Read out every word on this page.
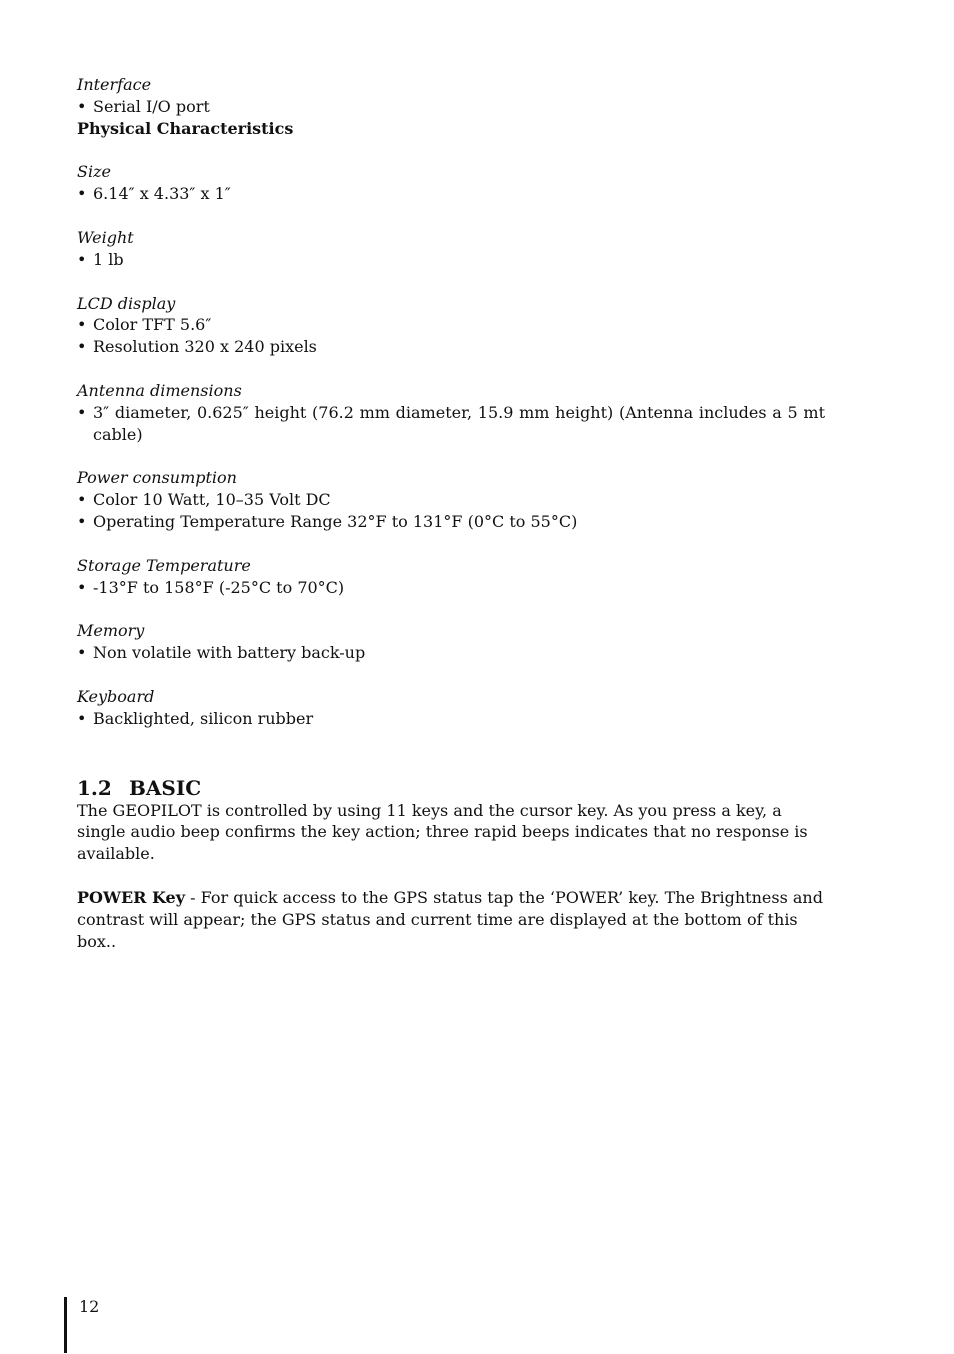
Interface
• Serial I/O port
Physical Characteristics
Size
• 6.14″ x 4.33″ x 1″
Weight
• 1 lb
LCD display
• Color TFT 5.6″
• Resolution 320 x 240 pixels
Antenna dimensions
• 3″ diameter, 0.625″ height (76.2 mm diameter, 15.9 mm height) (Antenna includes a 5 mt cable)
Power consumption
• Color 10 Watt, 10–35 Volt DC
• Operating Temperature Range 32°F to 131°F (0°C to 55°C)
Storage Temperature
• -13°F to 158°F (-25°C to 70°C)
Memory
• Non volatile with battery back-up
Keyboard
• Backlighted, silicon rubber
1.2 BASIC
The GEOPILOT is controlled by using 11 keys and the cursor key. As you press a key, a single audio beep confirms the key action; three rapid beeps indicates that no response is available.
POWER Key - For quick access to the GPS status tap the ‘POWER’ key. The Brightness and contrast will appear; the GPS status and current time are displayed at the bottom of this box..
12
